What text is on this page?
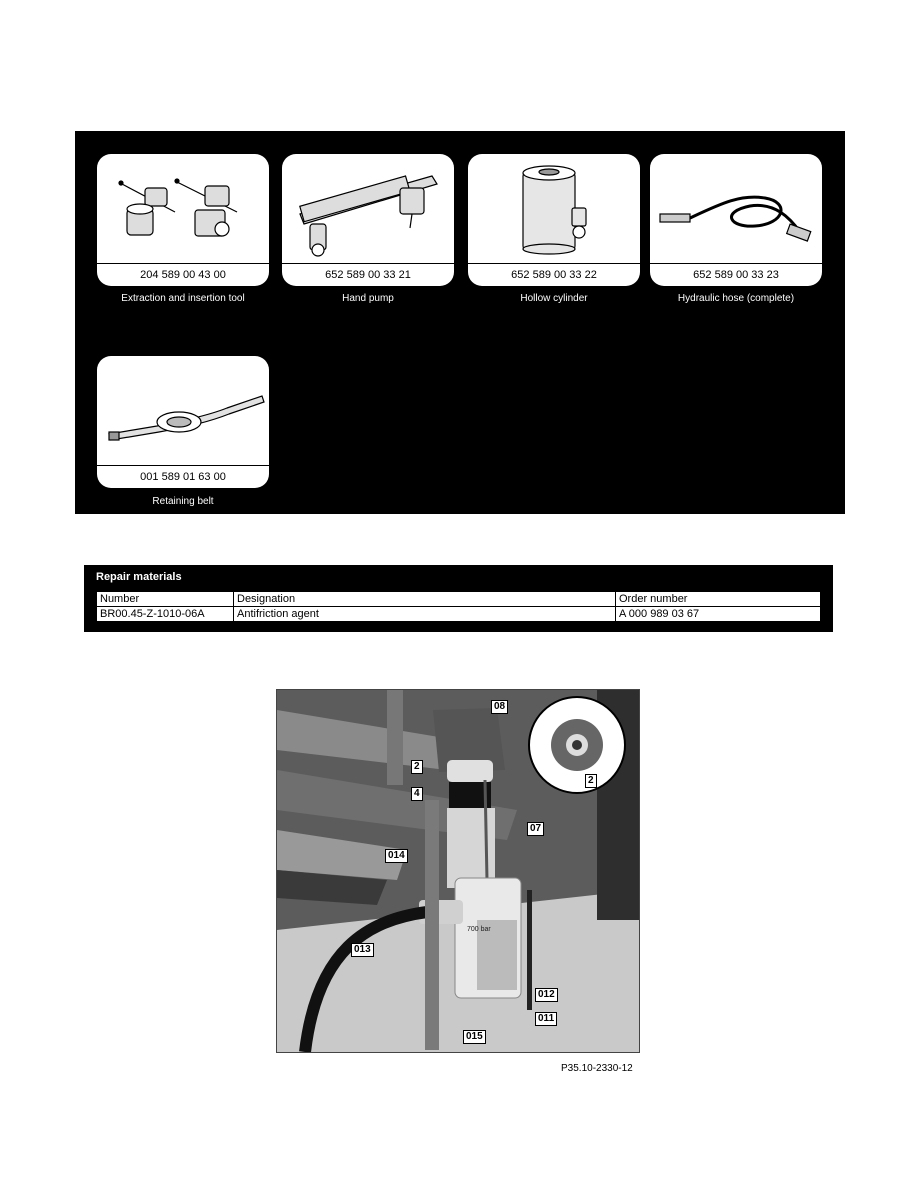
204 589 00 43 00
Extraction and insertion tool
652 589 00 33 21
Hand pump
652 589 00 33 22
Hollow cylinder
652 589 00 33 23
Hydraulic hose (complete)
001 589 01 63 00
Retaining belt
Repair materials
Number	Designation	Order number
BR00.45-Z-1010-06A	Antifriction agent	A 000 989 03 67
08
2
2
4
07
014
013
012
011
015
700 bar
P35.10-2330-12
